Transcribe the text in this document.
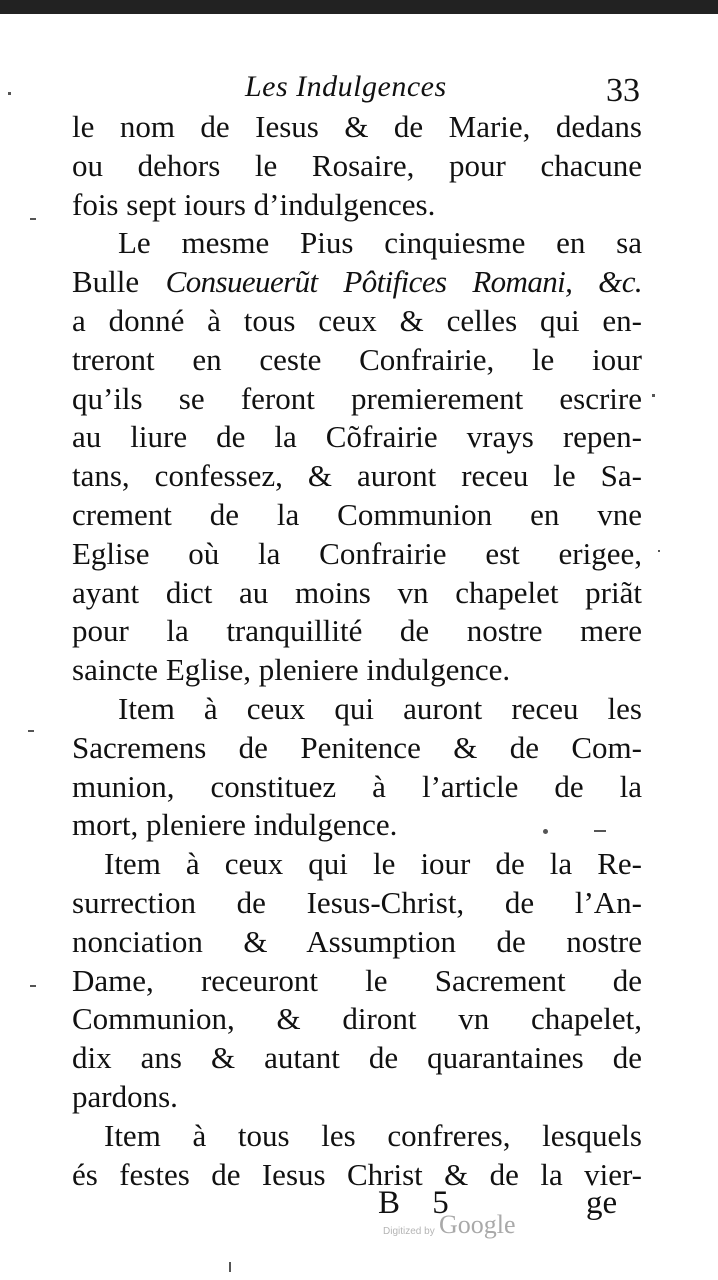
Les Indulgences	33
le nom de Iesus & de Marie, dedans
ou dehors le Rosaire, pour chacune
fois sept iours d’indulgences.
Le mesme Pius cinquiesme en sa
Bulle Consueuerũt Pôtifices Romani, &c.
a donné à tous ceux & celles qui en-
treront en ceste Confrairie, le iour
qu’ils se feront premierement escrire
au liure de la Cõfrairie vrays repen-
tans, confessez, & auront receu le Sa-
crement de la Communion en vne
Eglise où la Confrairie est erigee,
ayant dict au moins vn chapelet priãt
pour la tranquillité de nostre mere
saincte Eglise, pleniere indulgence.
Item à ceux qui auront receu les
Sacremens de Penitence & de Com-
munion, constituez à l’article de la
mort, pleniere indulgence.
Item à ceux qui le iour de la Re-
surrection de Iesus-Christ, de l’An-
nonciation & Assumption de nostre
Dame, receuront le Sacrement de
Communion, & diront vn chapelet,
dix ans & autant de quarantaines de
pardons.
Item à tous les confreres, lesquels
és festes de Iesus Christ & de la vier-
B 5	ge
Digitized by Google
